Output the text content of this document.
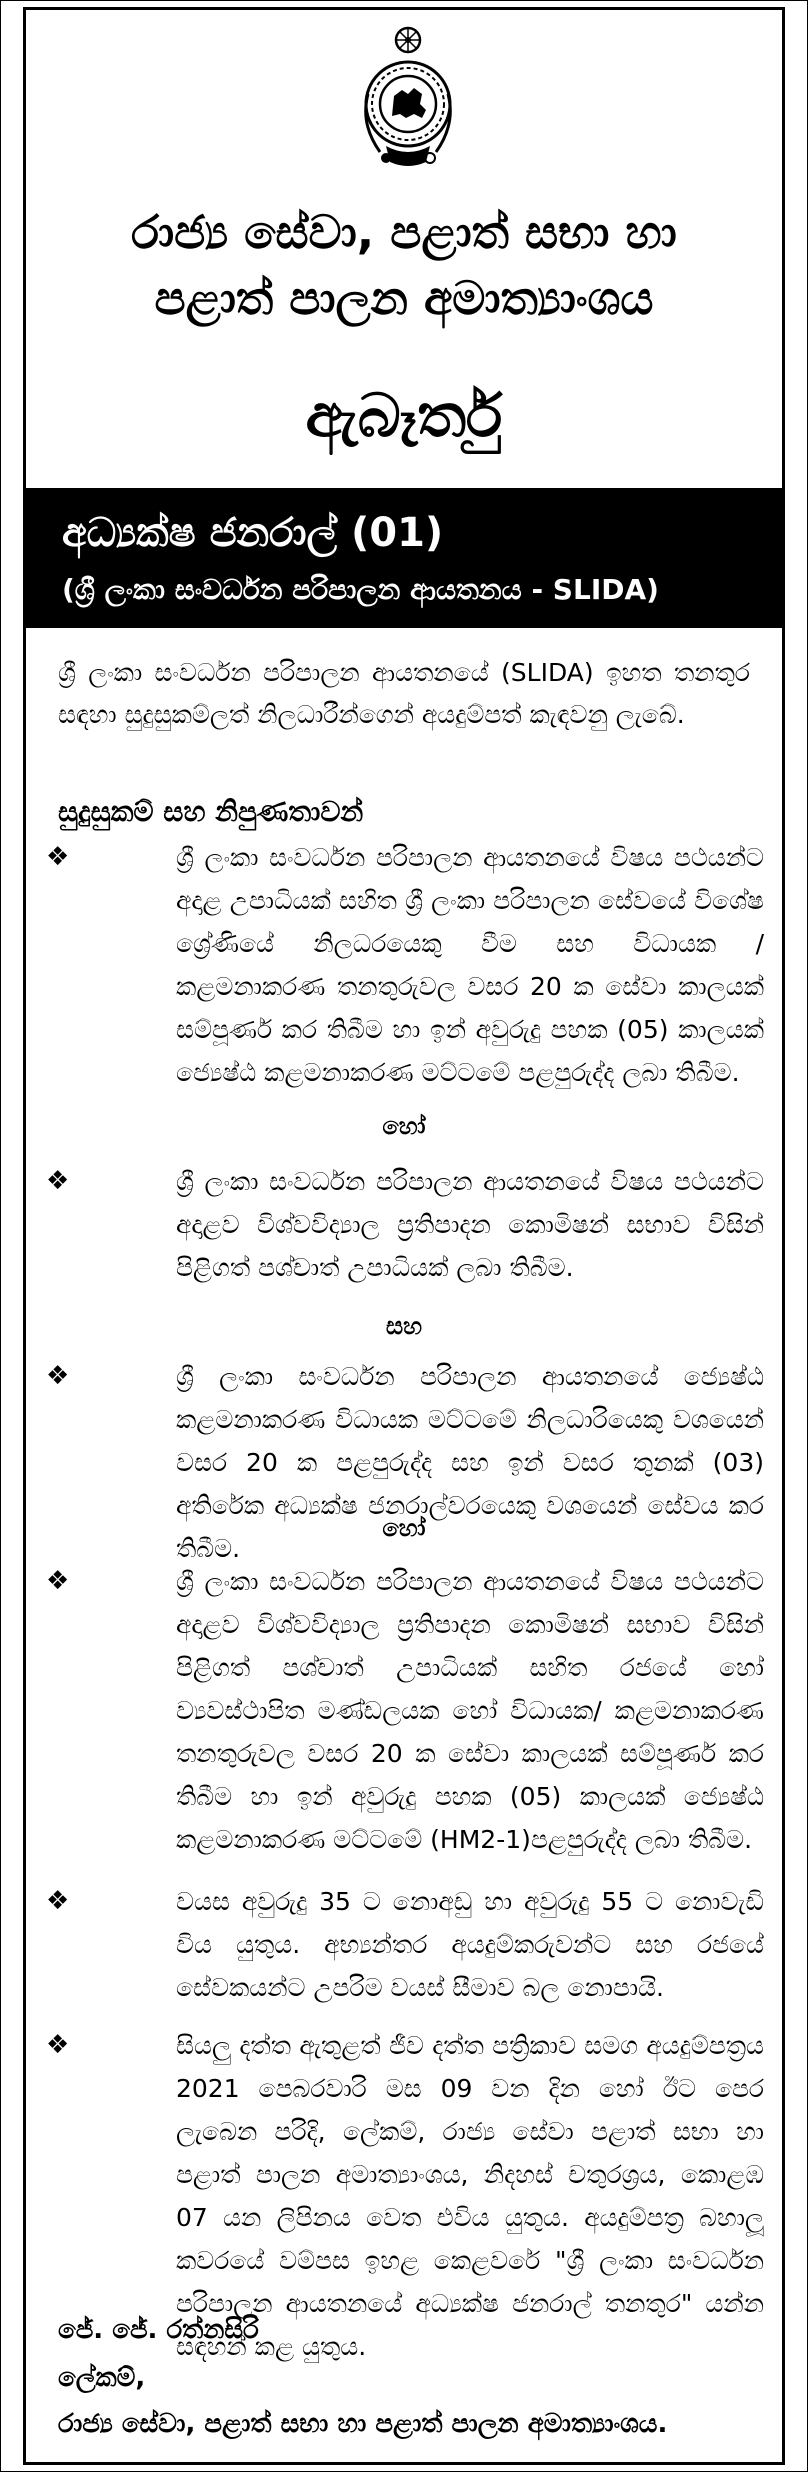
රාජ්‍ය සේවා, පළාත් සභා හා
පළාත් පාලන අමාත්‍යාංශය
ඇබෑර්තු
අධ්‍යක්ෂ ජනරාල් (01)
(ශ්‍රී ලංකා සංවර්ධන පරිපාලන ආයතනය - SLIDA)
ශ්‍රී ලංකා සංවර්ධන පරිපාලන ආයතනයේ (SLIDA) ඉහත තනතුර සඳහා සුදුසුකම්ලත් නිලධාරීන්ගෙන් අයදුම්පත් කැඳවනු ලැබේ.
සුදුසුකම් සහ නිපුණතාවන්
❖	ශ්‍රී ලංකා සංවර්ධන පරිපාලන ආයතනයේ විෂය පථයන්ට අදාළ උපාධියක් සහිත ශ්‍රී ලංකා පරිපාලන සේවයේ විශේෂ ශ්‍රේණියේ නිලධරයෙකු වීම සහ විධායක / කළමනාකරණ තනතුරුවල වසර 20 ක සේවා කාලයක් සම්පූර්ණ කර තිබීම හා ඉන් අවුරුදු පහක (05) කාලයක් ජ්‍යෙෂ්ඨ කළමනාකරණ මට්ටමේ පළපුරුද්ද ලබා තිබීම.
හෝ
❖	ශ්‍රී ලංකා සංවර්ධන පරිපාලන ආයතනයේ විෂය පථයන්ට අදාළව විශ්වවිද්‍යාල ප්‍රතිපාදන කොමිෂන් සභාව විසින් පිළිගත් පශ්චාත් උපාධියක් ලබා තිබීම.
සහ
❖	ශ්‍රී ලංකා සංවර්ධන පරිපාලන ආයතනයේ ජ්‍යෙෂ්ඨ කළමනාකරණ විධායක මට්ටමේ නිලධාරියෙකු වශයෙන් වසර 20 ක පළපුරුද්ද සහ ඉන් වසර තුනක් (03) අතිරේක අධ්‍යක්ෂ ජනරාල්වරයෙකු වශයෙන් සේවය කර තිබීම.
හෝ
❖	ශ්‍රී ලංකා සංවර්ධන පරිපාලන ආයතනයේ විෂය පථයන්ට අදාළව විශ්වවිද්‍යාල ප්‍රතිපාදන කොමිෂන් සභාව විසින් පිළිගත් පශ්චාත් උපාධියක් සහිත රජයේ හෝ ව්‍යවස්ථාපිත මණ්ඩලයක හෝ විධායක/ කළමනාකරණ තනතුරුවල වසර 20 ක සේවා කාලයක් සම්පූර්ණ කර තිබීම හා ඉන් අවුරුදු පහක (05) කාලයක් ජ්‍යෙෂ්ඨ කළමනාකරණ මට්ටමේ (HM2-1)පළපුරුද්ද ලබා තිබීම.
❖	වයස අවුරුදු 35 ට නොඅඩු හා අවුරුදු 55 ට නොවැඩි විය යුතුය. අභ්‍යන්තර අයදුම්කරුවන්ට සහ රජයේ සේවකයන්ට උපරිම වයස් සීමාව බල නොපායි.
❖	සියලු දත්ත ඇතුළත් ජීව දත්ත පත්‍රිකාව සමග අයදුම්පත්‍රය 2021 පෙබරවාරි මස 09 වන දින හෝ ඊට පෙර ලැබෙන පරිදි, ලේකම්, රාජ්‍ය සේවා පළාත් සභා හා පළාත් පාලන අමාත්‍යාංශය, නිදහස් චතුරශ්‍රය, කොළඹ 07 යන ලිපිනය වෙත එවිය යුතුය. අයදුම්පත්‍ර බහාලූ කවරයේ වම්පස ඉහළ කෙළවරේ "ශ්‍රී ලංකා සංවර්ධන පරිපාලන ආයතනයේ අධ්‍යක්ෂ ජනරාල් තනතුර" යන්න සඳහන් කළ යුතුය.
ජේ. ජේ. රත්නසිරි
ලේකම්,
රාජ්‍ය සේවා, පළාත් සභා හා පළාත් පාලන අමාත්‍යාංශය.
